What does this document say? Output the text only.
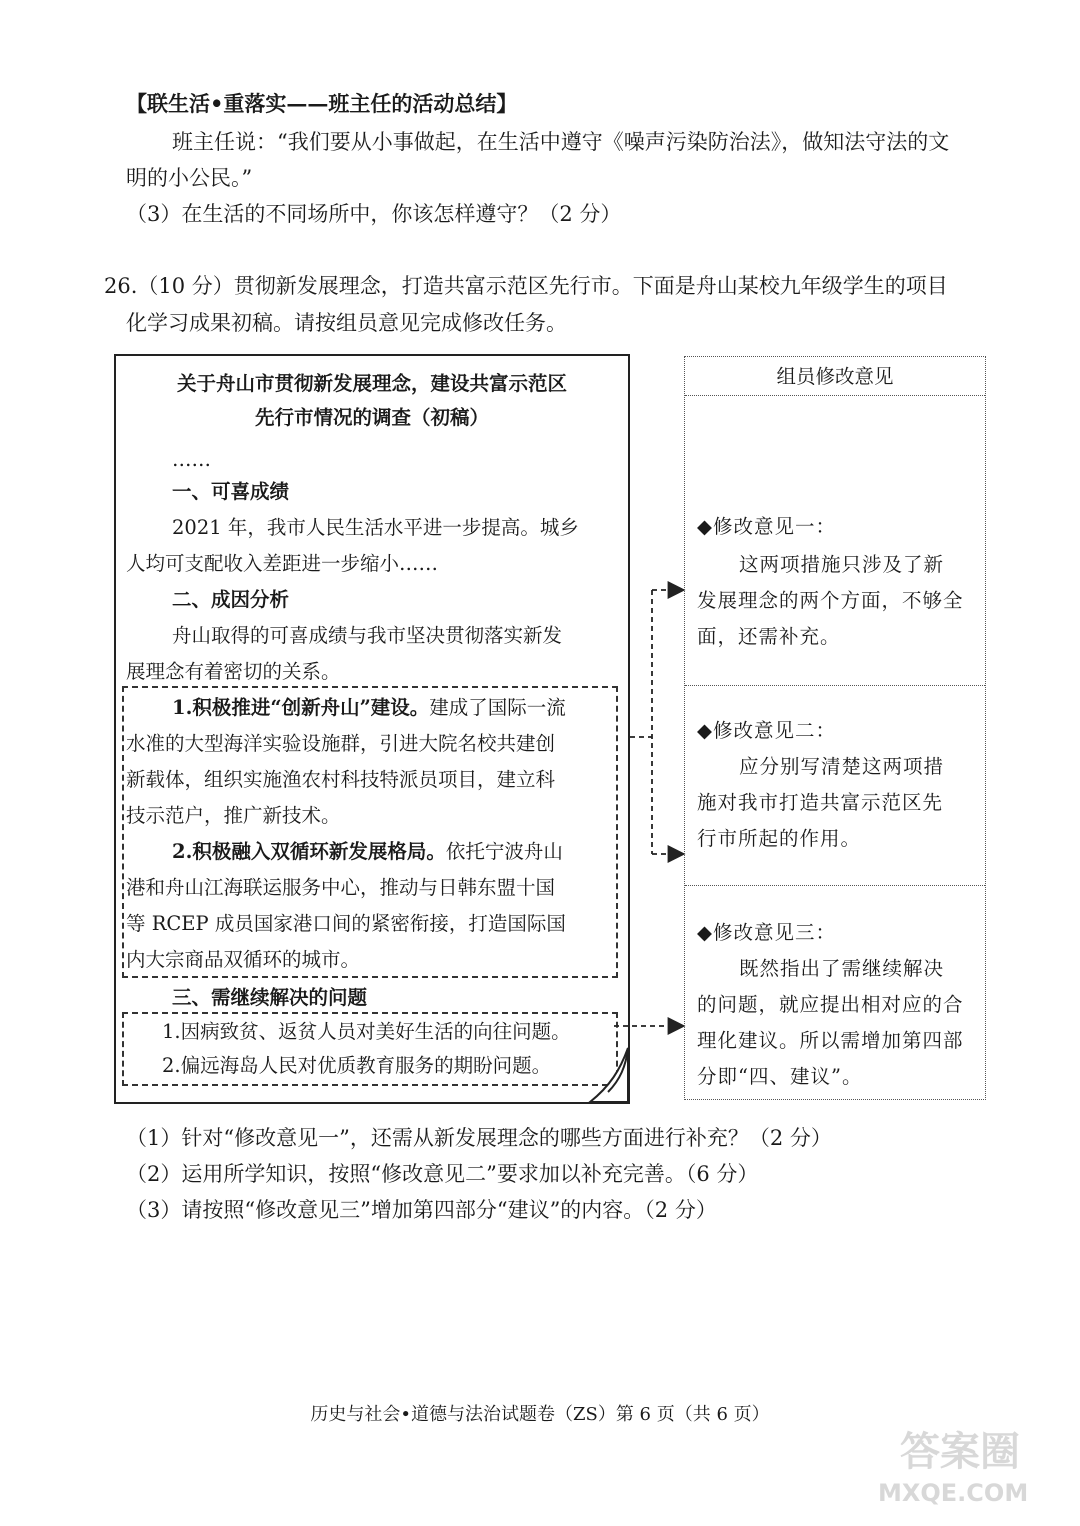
【联生活•重落实——班主任的活动总结】
班主任说：“我们要从小事做起，在生活中遵守《噪声污染防治法》，做知法守法的文
明的小公民。”
（3）在生活的不同场所中，你该怎样遵守？（2 分）
26.（10 分）贯彻新发展理念，打造共富示范区先行市。下面是舟山某校九年级学生的项目
化学习成果初稿。请按组员意见完成修改任务。
关于舟山市贯彻新发展理念，建设共富示范区
先行市情况的调查（初稿）
……
一、可喜成绩
2021 年，我市人民生活水平进一步提高。城乡
人均可支配收入差距进一步缩小……
二、成因分析
舟山取得的可喜成绩与我市坚决贯彻落实新发
展理念有着密切的关系。
1.积极推进“创新舟山”建设。建成了国际一流
水准的大型海洋实验设施群，引进大院名校共建创
新载体，组织实施渔农村科技特派员项目，建立科
技示范户，推广新技术。
2.积极融入双循环新发展格局。依托宁波舟山
港和舟山江海联运服务中心，推动与日韩东盟十国
等 RCEP 成员国家港口间的紧密衔接，打造国际国
内大宗商品双循环的城市。
三、需继续解决的问题
1.因病致贫、返贫人员对美好生活的向往问题。
2.偏远海岛人民对优质教育服务的期盼问题。
组员修改意见
◆修改意见一：
这两项措施只涉及了新
发展理念的两个方面，不够全
面，还需补充。
◆修改意见二：
应分别写清楚这两项措
施对我市打造共富示范区先
行市所起的作用。
◆修改意见三：
既然指出了需继续解决
的问题，就应提出相对应的合
理化建议。所以需增加第四部
分即“四、建议”。
（1）针对“修改意见一”，还需从新发展理念的哪些方面进行补充？（2 分）
（2）运用所学知识，按照“修改意见二”要求加以补充完善。（6 分）
（3）请按照“修改意见三”增加第四部分“建议”的内容。（2 分）
历史与社会•道德与法治试题卷（ZS）第 6 页（共 6 页）
答案圈
MXQE.COM
